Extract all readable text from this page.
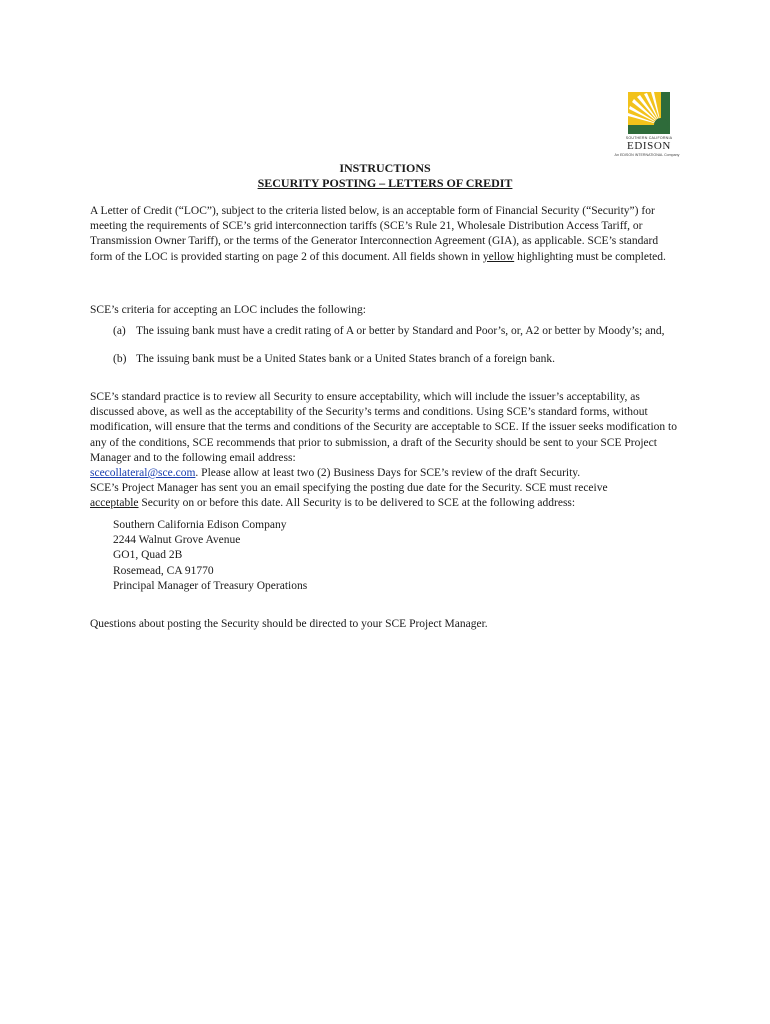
SOUTHERN CALIFORNIA
EDISON
An EDISON INTERNATIONAL Company
INSTRUCTIONS
SECURITY POSTING – LETTERS OF CREDIT
A Letter of Credit (“LOC”), subject to the criteria listed below, is an acceptable form of Financial Security (“Security”) for meeting the requirements of SCE’s grid interconnection tariffs (SCE’s Rule 21, Wholesale Distribution Access Tariff, or Transmission Owner Tariff), or the terms of the Generator Interconnection Agreement (GIA), as applicable. SCE’s standard form of the LOC is provided starting on page 2 of this document. All fields shown in yellow highlighting must be completed.
SCE’s criteria for accepting an LOC includes the following:
(a) The issuing bank must have a credit rating of A or better by Standard and Poor’s, or, A2 or better by Moody’s; and,
(b) The issuing bank must be a United States bank or a United States branch of a foreign bank.
SCE’s standard practice is to review all Security to ensure acceptability, which will include the issuer’s acceptability, as discussed above, as well as the acceptability of the Security’s terms and conditions. Using SCE’s standard forms, without modification, will ensure that the terms and conditions of the Security are acceptable to SCE. If the issuer seeks modification to any of the conditions, SCE recommends that prior to submission, a draft of the Security should be sent to your SCE Project Manager and to the following email address:
scecollateral@sce.com. Please allow at least two (2) Business Days for SCE’s review of the draft Security.
SCE’s Project Manager has sent you an email specifying the posting due date for the Security. SCE must receive
acceptable Security on or before this date. All Security is to be delivered to SCE at the following address:
Southern California Edison Company
2244 Walnut Grove Avenue
GO1, Quad 2B
Rosemead, CA 91770
Principal Manager of Treasury Operations
Questions about posting the Security should be directed to your SCE Project Manager.
